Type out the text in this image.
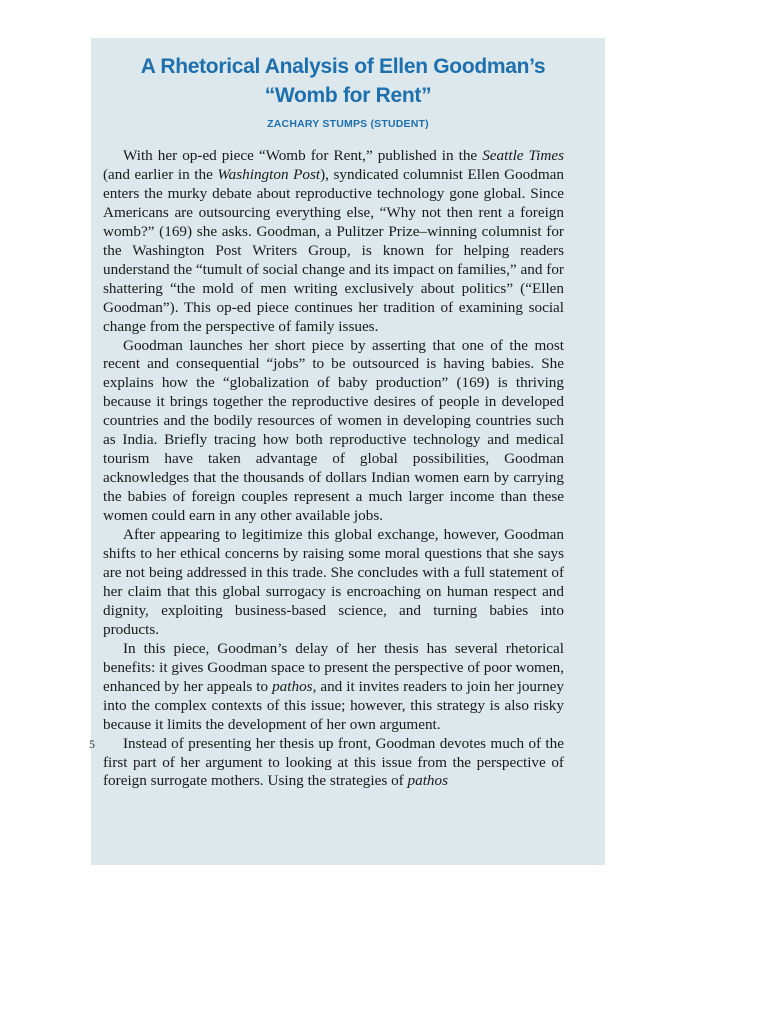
A Rhetorical Analysis of Ellen Goodman’s
“Womb for Rent”
ZACHARY STUMPS (STUDENT)

With her op-ed piece “Womb for Rent,” published in the Seattle Times (and earlier in the Washington Post), syndicated columnist Ellen Goodman enters the murky debate about reproductive technology gone global. Since Americans are outsourcing everything else, “Why not then rent a foreign womb?” (169) she asks. Goodman, a Pulitzer Prize–winning columnist for the Washington Post Writers Group, is known for helping readers understand the “tumult of social change and its impact on families,” and for shattering “the mold of men writing exclusively about politics” (“Ellen Goodman”). This op-ed piece continues her tradition of examining social change from the perspective of family issues.

Goodman launches her short piece by asserting that one of the most recent and consequential “jobs” to be outsourced is having babies. She explains how the “globalization of baby production” (169) is thriving because it brings together the reproductive desires of people in developed countries and the bodily resources of women in developing countries such as India. Briefly tracing how both reproductive technology and medical tourism have taken advantage of global possibilities, Goodman acknowledges that the thousands of dollars Indian women earn by carrying the babies of foreign couples represent a much larger income than these women could earn in any other available jobs.

After appearing to legitimize this global exchange, however, Goodman shifts to her ethical concerns by raising some moral questions that she says are not being addressed in this trade. She concludes with a full statement of her claim that this global surrogacy is encroaching on human respect and dignity, exploiting business-based science, and turning babies into products.

In this piece, Goodman’s delay of her thesis has several rhetorical benefits: it gives Goodman space to present the perspective of poor women, enhanced by her appeals to pathos, and it invites readers to join her journey into the complex contexts of this issue; however, this strategy is also risky because it limits the development of her own argument.

5 Instead of presenting her thesis up front, Goodman devotes much of the first part of her argument to looking at this issue from the perspective of foreign surrogate mothers. Using the strategies of pathos
